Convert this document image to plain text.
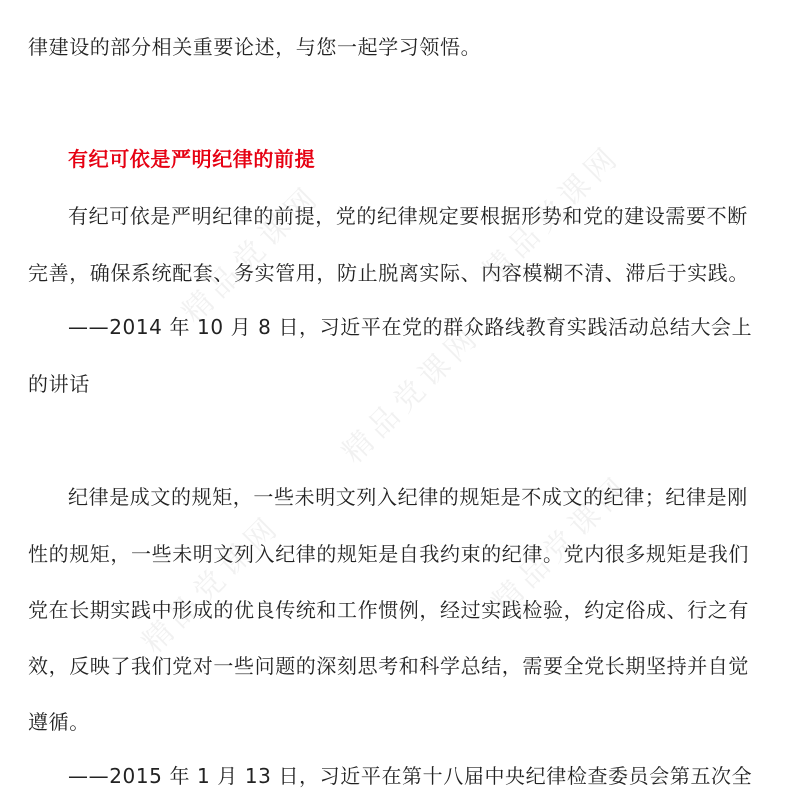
律建设的部分相关重要论述，与您一起学习领悟。
有纪可依是严明纪律的前提
有纪可依是严明纪律的前提，党的纪律规定要根据形势和党的建设需要不断
完善，确保系统配套、务实管用，防止脱离实际、内容模糊不清、滞后于实践。
——2014 年 10 月 8 日，习近平在党的群众路线教育实践活动总结大会上
的讲话
纪律是成文的规矩，一些未明文列入纪律的规矩是不成文的纪律；纪律是刚
性的规矩，一些未明文列入纪律的规矩是自我约束的纪律。党内很多规矩是我们
党在长期实践中形成的优良传统和工作惯例，经过实践检验，约定俗成、行之有
效，反映了我们党对一些问题的深刻思考和科学总结，需要全党长期坚持并自觉
遵循。
——2015 年 1 月 13 日，习近平在第十八届中央纪律检查委员会第五次全
精品党课网
精品党课网
精品党课网
精品党课网
精品党课网
